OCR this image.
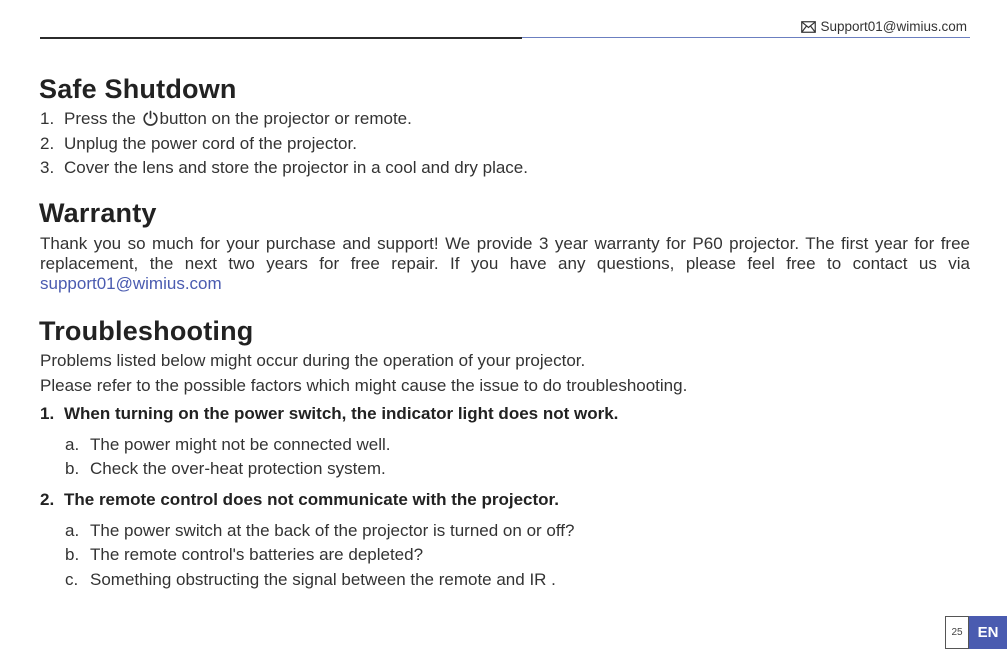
Support01@wimius.com
Safe Shutdown
1. Press the button on the projector or remote.
2. Unplug the power cord of the projector.
3. Cover the lens and store the projector in a cool and dry place.
Warranty

Thank you so much for your purchase and support! We provide 3 year warranty for P60 projector. The first year for free replacement, the next two years for free repair. If you have any questions, please feel free to contact us via support01@wimius.com

Troubleshooting
Problems listed below might occur during the operation of your projector.
Please refer to the possible factors which might cause the issue to do troubleshooting.
1. When turning on the power switch, the indicator light does not work.
a. The power might not be connected well.
b. Check the over-heat protection system.
2. The remote control does not communicate with the projector.
a. The power switch at the back of the projector is turned on or off?
b. The remote control's batteries are depleted?
c. Something obstructing the signal between the remote and IR .
25	EN
